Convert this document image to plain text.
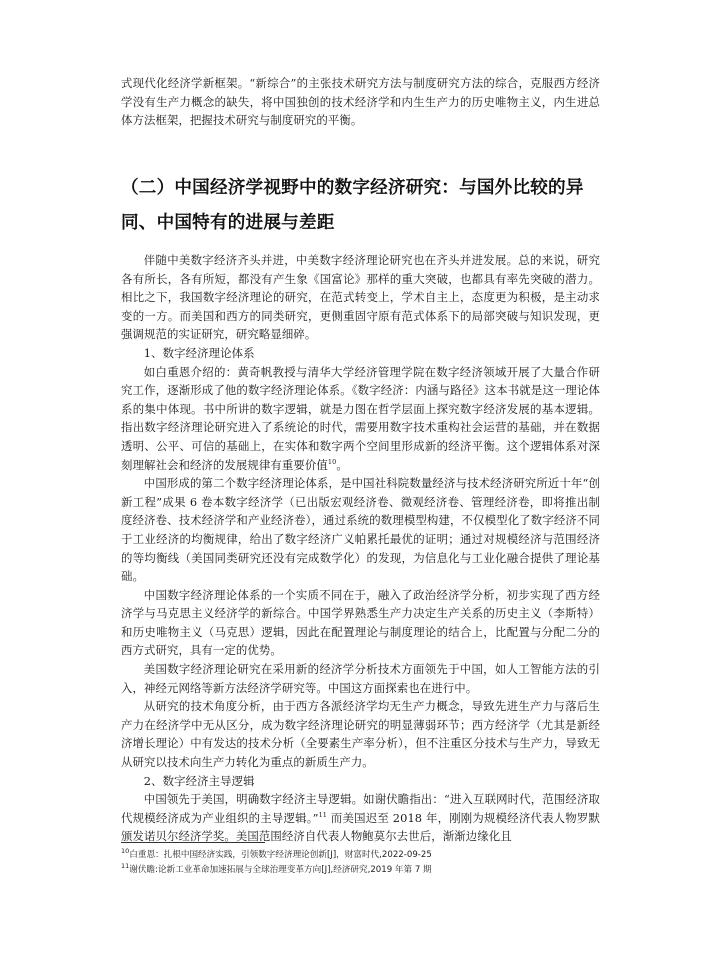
式现代化经济学新框架。“新综合”的主张技术研究方法与制度研究方法的综合，克服西方经济学没有生产力概念的缺失，将中国独创的技术经济学和内生生产力的历史唯物主义，内生进总体方法框架，把握技术研究与制度研究的平衡。

（二）中国经济学视野中的数字经济研究：与国外比较的异同、中国特有的进展与差距

伴随中美数字经济齐头并进，中美数字经济理论研究也在齐头并进发展。总的来说，研究各有所长，各有所短，都没有产生象《国富论》那样的重大突破，也都具有率先突破的潜力。相比之下，我国数字经济理论的研究，在范式转变上，学术自主上，态度更为积极，是主动求变的一方。而美国和西方的同类研究，更侧重固守原有范式体系下的局部突破与知识发现，更强调规范的实证研究，研究略显细碎。

1、数字经济理论体系

如白重恩介绍的：黄奇帆教授与清华大学经济管理学院在数字经济领域开展了大量合作研究工作，逐渐形成了他的数字经济理论体系。《数字经济：内涵与路径》这本书就是这一理论体系的集中体现。书中所讲的数字逻辑，就是力图在哲学层面上探究数字经济发展的基本逻辑。指出数字经济理论研究进入了系统论的时代，需要用数字技术重构社会运营的基础，并在数据透明、公平、可信的基础上，在实体和数字两个空间里形成新的经济平衡。这个逻辑体系对深刻理解社会和经济的发展规律有重要价值$^{10}$。

中国形成的第二个数字经济理论体系，是中国社科院数量经济与技术经济研究所近十年“创新工程”成果 6 卷本数字经济学（已出版宏观经济卷、微观经济卷、管理经济卷，即将推出制度经济卷、技术经济学和产业经济卷），通过系统的数理模型构建，不仅模型化了数字经济不同于工业经济的均衡规律，给出了数字经济广义帕累托最优的证明；通过对规模经济与范围经济的等均衡线（美国同类研究还没有完成数学化）的发现，为信息化与工业化融合提供了理论基础。

中国数字经济理论体系的一个实质不同在于，融入了政治经济学分析，初步实现了西方经济学与马克思主义经济学的新综合。中国学界熟悉生产力决定生产关系的历史主义（李斯特）和历史唯物主义（马克思）逻辑，因此在配置理论与制度理论的结合上，比配置与分配二分的西方式研究，具有一定的优势。

美国数字经济理论研究在采用新的经济学分析技术方面领先于中国，如人工智能方法的引入，神经元网络等新方法经济学研究等。中国这方面探索也在进行中。

从研究的技术角度分析，由于西方各派经济学均无生产力概念，导致先进生产力与落后生产力在经济学中无从区分，成为数字经济理论研究的明显薄弱环节；西方经济学（尤其是新经济增长理论）中有发达的技术分析（全要素生产率分析），但不注重区分技术与生产力，导致无从研究以技术向生产力转化为重点的新质生产力。

2、数字经济主导逻辑

中国领先于美国，明确数字经济主导逻辑。如谢伏瞻指出：“进入互联网时代，范围经济取代规模经济成为产业组织的主导逻辑。”$^{11}$ 而美国迟至 2018 年，刚刚为规模经济代表人物罗默颁发诺贝尔经济学奖。美国范围经济自代表人物鲍莫尔去世后，渐渐边缘化且

$^{10}$白重恩：扎根中国经济实践，引领数字经济理论创新[J]，财富时代,2022-09-25

$^{11}$谢伏瞻:论新工业革命加速拓展与全球治理变革方向[J],经济研究,2019 年第 7 期
